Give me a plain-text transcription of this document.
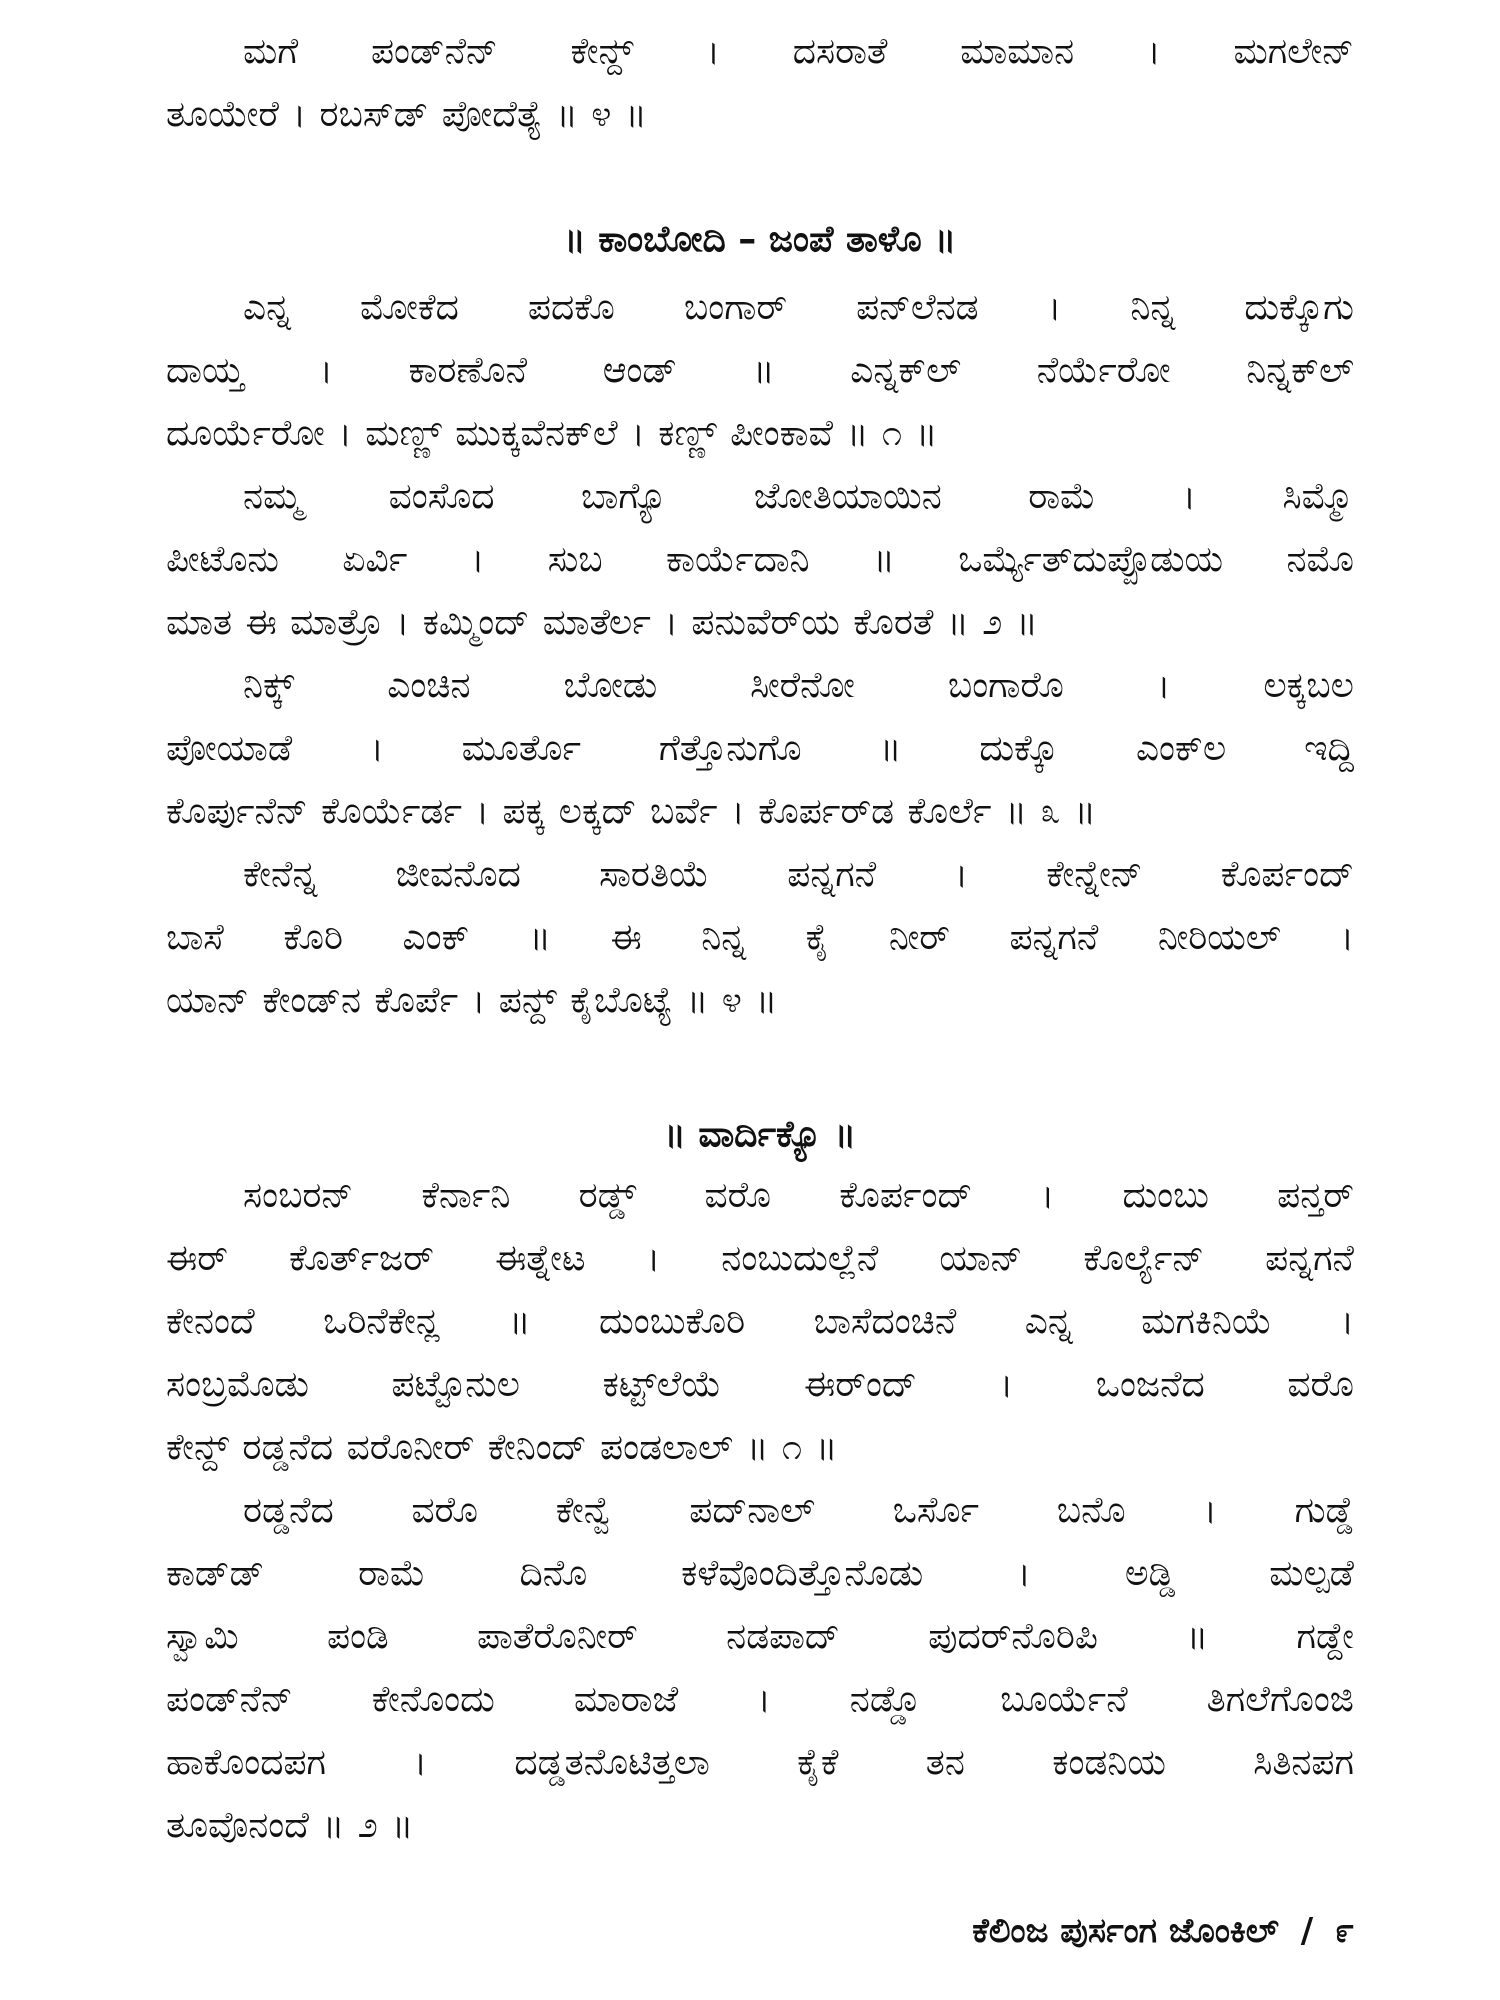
ಮಗೆ ಪಂಡ್‌ನೆನ್ ಕೇನ್ದ್ । ದಸರಾತೆ ಮಾಮಾನ । ಮಗಲೇನ್
ತೂಯೇರೆ । ರಬಸ್‌ಡ್ ಪೋದೆತ್ಯೆ ॥ ೪ ॥
॥ ಕಾಂಬೋದಿ – ಜಂಪೆ ತಾಳೊ ॥
ಎನ್ನ ಮೋಕೆದ ಪದಕೊ ಬಂಗಾರ್ ಪನ್‌ಲೆನಡ । ನಿನ್ನ ದುಕ್ಕೊಗು
ದಾಯ್ತ । ಕಾರಣೊನೆ ಆಂಡ್ ॥ ಎನ್ನಕ್‌ಲ್ ನೆರ್ಯೆರೋ ನಿನ್ನಕ್‌ಲ್
ದೂರ್ಯೆರೋ । ಮಣ್ಣ್ ಮುಕ್ಕವೆನಕ್‌ಲೆ । ಕಣ್ಣ್ ಪೀಂಕಾವೆ ॥ ೧ ॥
ನಮ್ಮ ವಂಸೊದ ಬಾಗ್ಯೊ ಜೋತಿಯಾಯಿನ ರಾಮೆ । ಸಿಮ್ಮೊ
ಪೀಟೊನು ಏರ್ವಿ । ಸುಬ ಕಾರ್ಯೆದಾನಿ ॥ ಒರ್ಮ್ಯೆತ್‌ದುಪ್ಪೊಡುಯ ನಮೊ
ಮಾತ ಈ ಮಾತ್ರೊ । ಕಮ್ಮಿಂದ್ ಮಾತೆರ್ಲ । ಪನುವೆರ್‌ಯ ಕೊರತೆ ॥ ೨ ॥
ನಿಕ್ಕ್ ಎಂಚಿನ ಬೋಡು ಸೀರೆನೋ ಬಂಗಾರೊ । ಲಕ್ಕಬಲ
ಪೋಯಾಡೆ । ಮೂರ್ತೊ ಗೆತ್ತೊನುಗೊ ॥ ದುಕ್ಕೊ ಎಂಕ್‌ಲ ಇದ್ದಿ
ಕೊರ್ಪುನೆನ್ ಕೊರ್ಯೆರ್ಡ । ಪಕ್ಕ ಲಕ್ಕದ್ ಬರ್ವೆ । ಕೊರ್ಪರ್‌ಡ ಕೊರ್ಲೆ ॥ ೩ ॥
ಕೇನೆನ್ನ ಜೀವನೊದ ಸಾರತಿಯೆ ಪನ್ನಗನೆ । ಕೇನ್ನೇನ್ ಕೊರ್ಪಂದ್
ಬಾಸೆ ಕೊರಿ ಎಂಕ್ ॥ ಈ ನಿನ್ನ ಕೈ ನೀರ್ ಪನ್ನಗನೆ ನೀರಿಯಲ್ ।
ಯಾನ್ ಕೇಂಡ್‌ನ ಕೊರ್ಪೆ । ಪನ್ದ್ ಕೈಬೊಟ್ಯೆ ॥ ೪ ॥
॥ ವಾರ್ದಿಕ್ಯೊ ॥
ಸಂಬರನ್ ಕೆರ್ನಾನಿ ರಡ್ಡ್ ವರೊ ಕೊರ್ಪಂದ್ । ದುಂಬು ಪನ್ತರ್
ಈರ್ ಕೊರ್ತ್‌ಜರ್ ಈತ್ನೇಟ । ನಂಬುದುಲ್ಲೆನೆ ಯಾನ್ ಕೊರ್ಲ್ಯೆನ್ ಪನ್ನಗನೆ
ಕೇನಂದೆ ಒರಿನೆಕೇನ್ಲ ॥ ದುಂಬುಕೊರಿ ಬಾಸೆದಂಚಿನೆ ಎನ್ನ ಮಗಕಿನಿಯೆ ।
ಸಂಬ್ರಮೊಡು ಪಟ್ಟೊನುಲ ಕಟ್ಟ್‌ಲೆಯೆ ಈರ್ಂದ್ । ಒಂಜನೆದ ವರೊ
ಕೇನ್ದ್ ರಡ್ಡನೆದ ವರೊನೀರ್ ಕೇನಿಂದ್ ಪಂಡಲಾಲ್ ॥ ೧ ॥
ರಡ್ಡನೆದ ವರೊ ಕೇನ್ವೆ ಪದ್‌ನಾಲ್ ಒರ್ಸೊ ಬನೊ । ಗುಡ್ಡೆ
ಕಾಡ್‌ಡ್ ರಾಮೆ ದಿನೊ ಕಳೆವೊಂದಿತ್ತೊನೊಡು । ಅಡ್ಡಿ ಮಲ್ಪಡೆ
ಸ್ವಾಮಿ ಪಂಡಿ ಪಾತೆರೊನೀರ್ ನಡಪಾದ್ ಪುದರ್‌ನೊರಿಪಿ ॥ ಗಡ್ದೇ
ಪಂಡ್‌ನೆನ್ ಕೇನೊಂದು ಮಾರಾಜೆ । ನಡ್ಡೊ ಬೂರ್ಯೆನೆ ತಿಗಲೆಗೊಂಜಿ
ಹಾಕೊಂದಪಗ । ದಡ್ಡತನೊಟಿತ್ತಲಾ ಕೈಕೆ ತನ ಕಂಡನಿಯ ಸಿತಿನಪಗ
ತೂವೊನಂದೆ ॥ ೨ ॥
ಕೆಲಿಂಜ ಪುರ್ಸಂಗ ಜೊಂಕಿಲ್ / ೯
